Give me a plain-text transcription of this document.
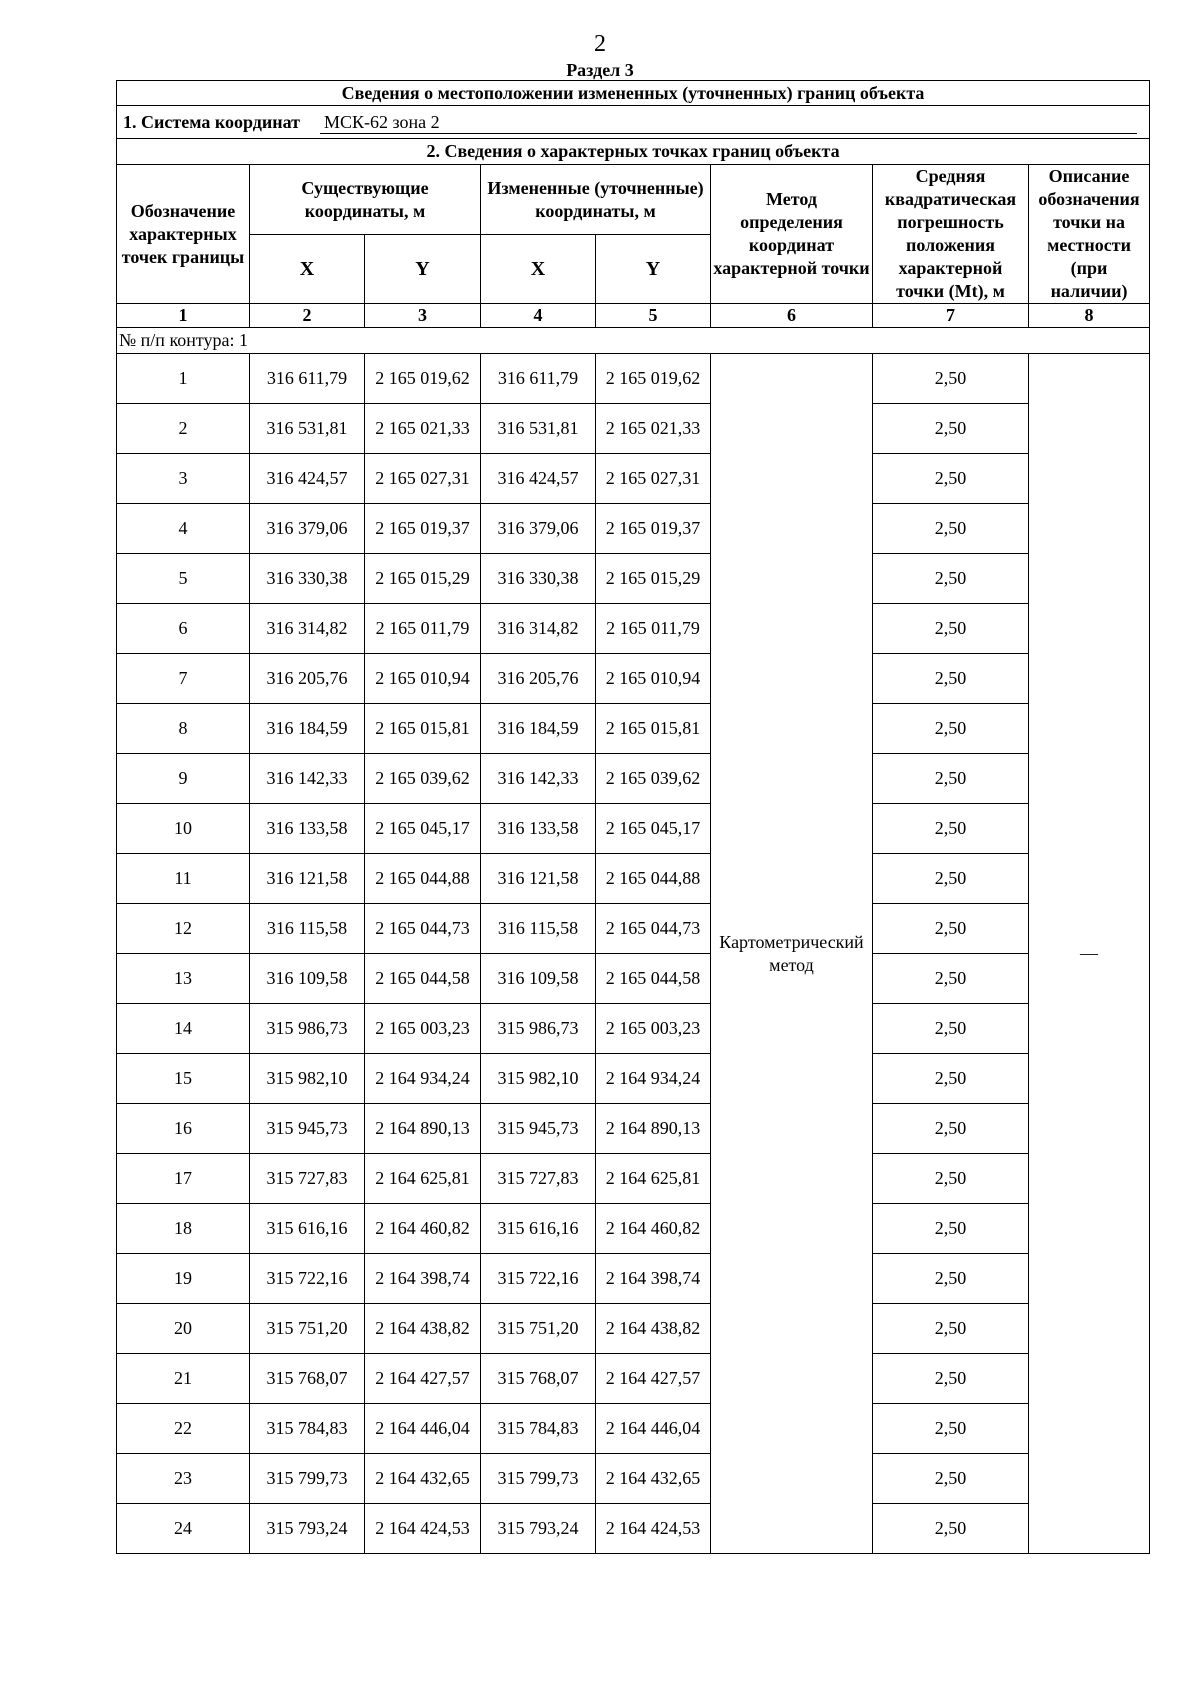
2
Раздел 3
Сведения о местоположении измененных (уточненных) границ объекта							

1. Система координат МСК-62 зона 2							

2. Сведения о характерных точках границ объекта							
Обозначение характерных точек границы	Существующие координаты, м		Измененные (уточненные) координаты, м		Метод определения координат характерной точки	Средняя квадратическая погрешность положения характерной точки (Mt), м	Описание обозначения точки на местности (при наличии)
	X	Y	X	Y			
1	2	3	4	5	6	7	8
№ п/п контура: 1							
1	316 611,79	2 165 019,62	316 611,79	2 165 019,62	Картометрический метод	2,50	—
2	316 531,81	2 165 021,33	316 531,81	2 165 021,33		2,50	
3	316 424,57	2 165 027,31	316 424,57	2 165 027,31		2,50	
4	316 379,06	2 165 019,37	316 379,06	2 165 019,37		2,50	
5	316 330,38	2 165 015,29	316 330,38	2 165 015,29		2,50	
6	316 314,82	2 165 011,79	316 314,82	2 165 011,79		2,50	
7	316 205,76	2 165 010,94	316 205,76	2 165 010,94		2,50	
8	316 184,59	2 165 015,81	316 184,59	2 165 015,81		2,50	
9	316 142,33	2 165 039,62	316 142,33	2 165 039,62		2,50	
10	316 133,58	2 165 045,17	316 133,58	2 165 045,17		2,50	
11	316 121,58	2 165 044,88	316 121,58	2 165 044,88		2,50	
12	316 115,58	2 165 044,73	316 115,58	2 165 044,73		2,50	
13	316 109,58	2 165 044,58	316 109,58	2 165 044,58		2,50	
14	315 986,73	2 165 003,23	315 986,73	2 165 003,23		2,50	
15	315 982,10	2 164 934,24	315 982,10	2 164 934,24		2,50	
16	315 945,73	2 164 890,13	315 945,73	2 164 890,13		2,50	
17	315 727,83	2 164 625,81	315 727,83	2 164 625,81		2,50	
18	315 616,16	2 164 460,82	315 616,16	2 164 460,82		2,50	
19	315 722,16	2 164 398,74	315 722,16	2 164 398,74		2,50	
20	315 751,20	2 164 438,82	315 751,20	2 164 438,82		2,50	
21	315 768,07	2 164 427,57	315 768,07	2 164 427,57		2,50	
22	315 784,83	2 164 446,04	315 784,83	2 164 446,04		2,50	
23	315 799,73	2 164 432,65	315 799,73	2 164 432,65		2,50	
24	315 793,24	2 164 424,53	315 793,24	2 164 424,53		2,50	
